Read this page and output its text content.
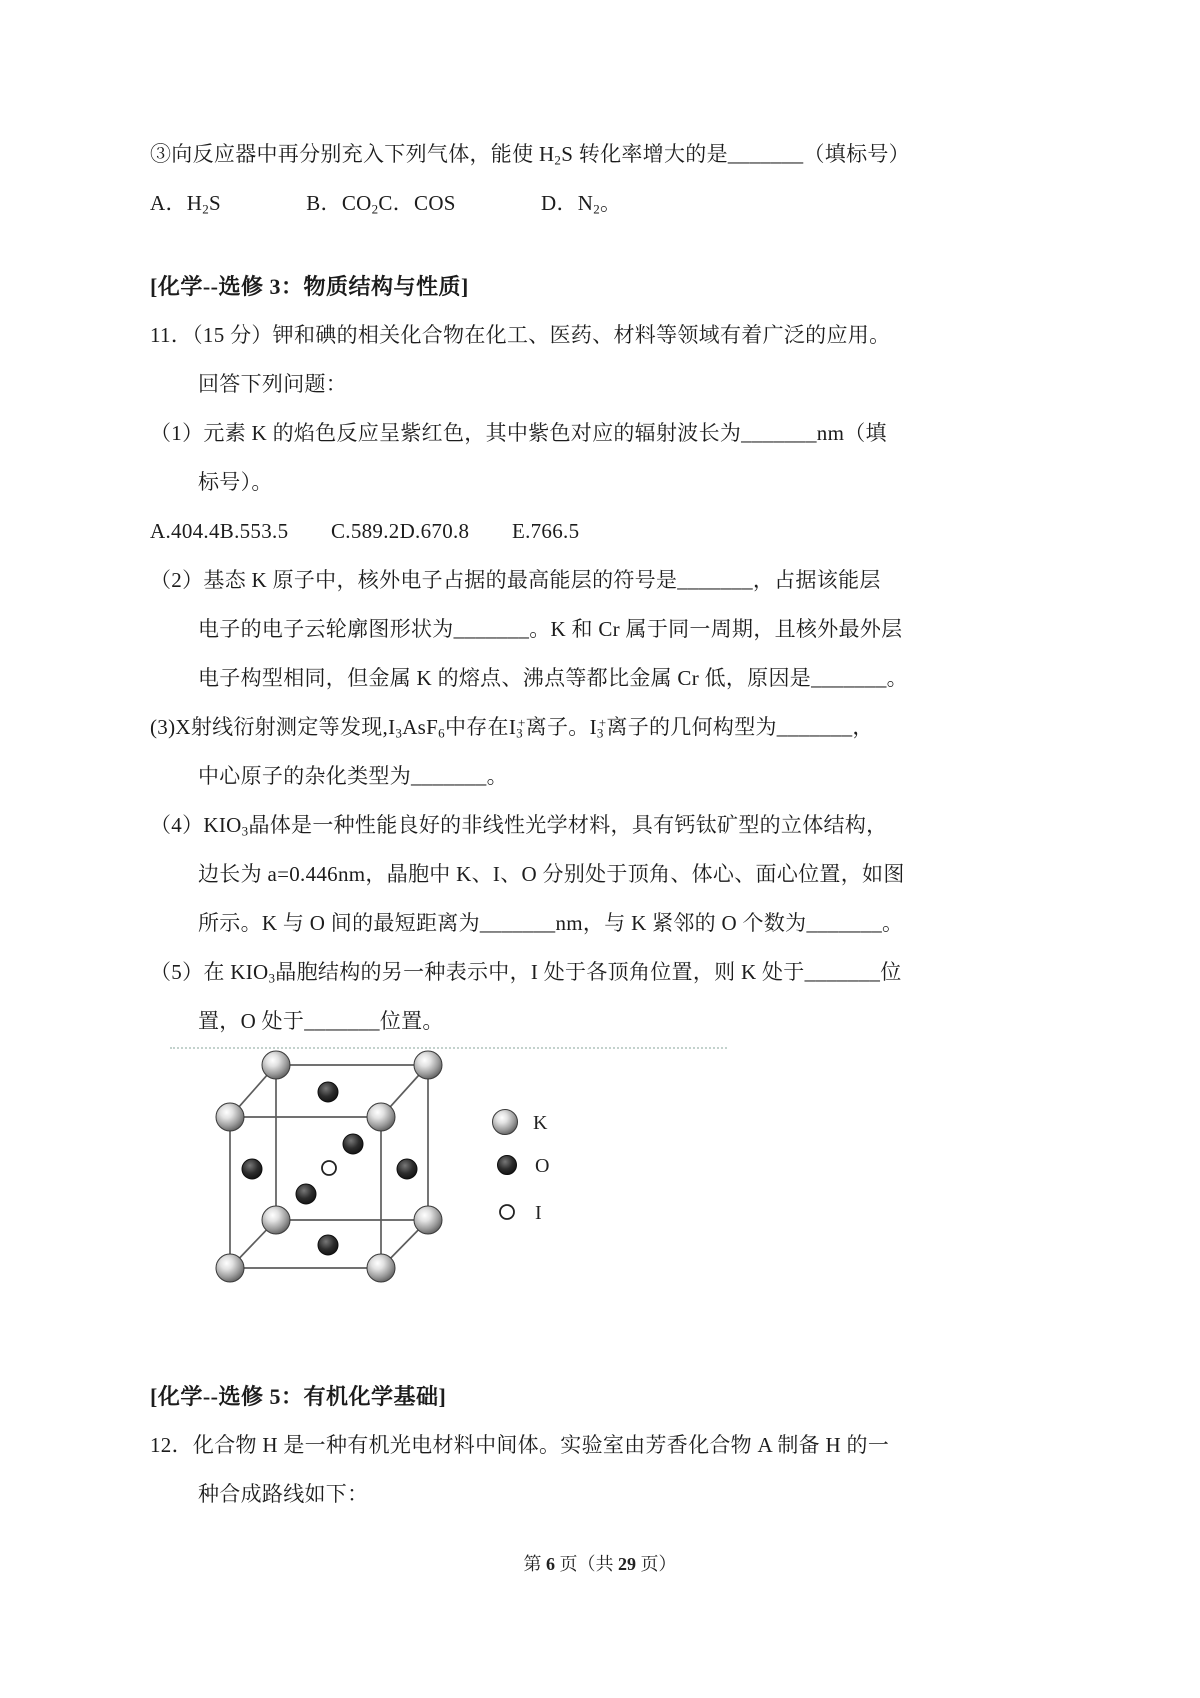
③向反应器中再分别充入下列气体，能使 $H_2S$ 转化率增大的是_______（填标号）
A．$H_2S$　　　　B．$CO_2C$．COS　　　　D．$N_2$。
[化学--选修 3：物质结构与性质]
11．（15 分）钾和碘的相关化合物在化工、医药、材料等领域有着广泛的应用。
回答下列问题：
（1）元素 K 的焰色反应呈紫红色，其中紫色对应的辐射波长为_______nm（填
标号）。
A.404.4B.553.5　　C.589.2D.670.8　　E.766.5
（2）基态 K 原子中，核外电子占据的最高能层的符号是_______，占据该能层
电子的电子云轮廓图形状为_______。K 和 Cr 属于同一周期，且核外最外层
电子构型相同，但金属 K 的熔点、沸点等都比金属 Cr 低，原因是_______。
(3)X射线衍射测定等发现$,I_3AsF_6$中存在$I_3^+$离子。$I_3^+$离子的几何构型为_______，
中心原子的杂化类型为_______。
$(4)KIO_3$晶体是一种性能良好的非线性光学材料，具有钙钛矿型的立体结构，
边长为 a=0.446nm，晶胞中 K、I、O 分别处于顶角、体心、面心位置，如图
所示。K 与 O 间的最短距离为_______nm，与 K 紧邻的 O 个数为_______。
（5）在 $KIO_3$晶胞结构的另一种表示中，I 处于各顶角位置，则 K 处于_______位
置，O 处于_______位置。
K
O
I
[化学--选修 5：有机化学基础]
12．化合物 H 是一种有机光电材料中间体。实验室由芳香化合物 A 制备 H 的一
种合成路线如下：
第 6 页（共 29 页）
